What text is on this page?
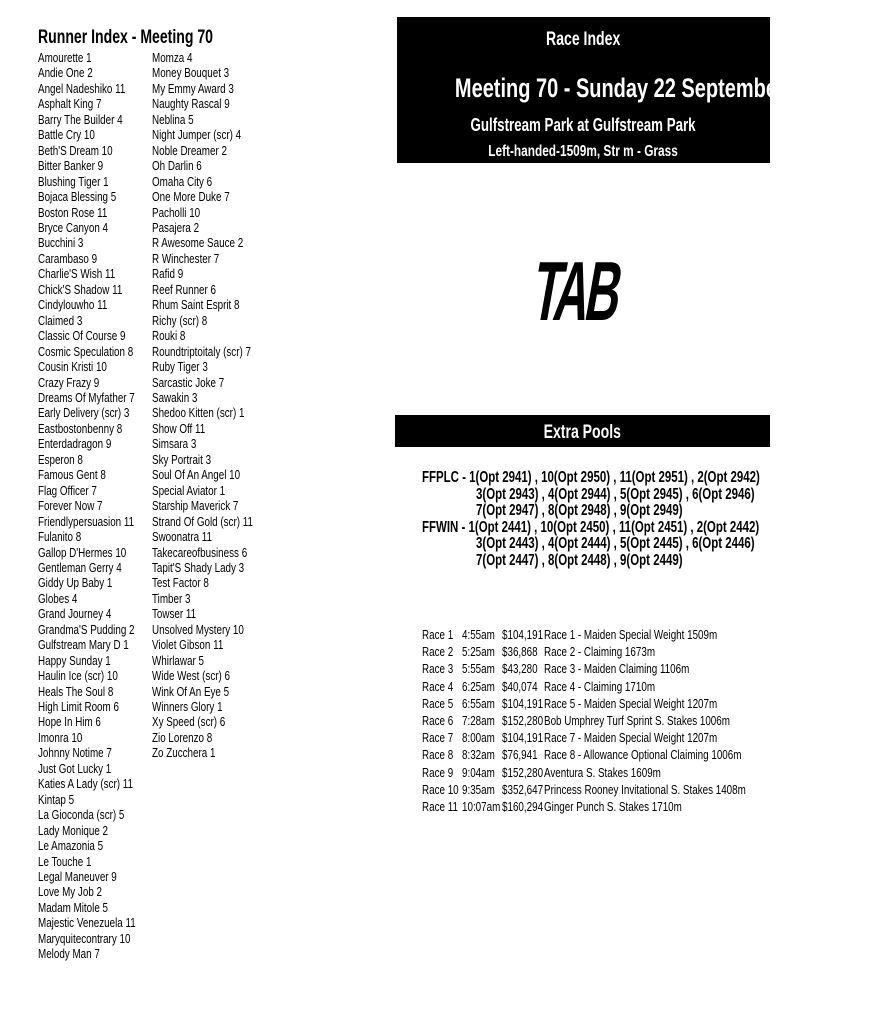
Runner Index - Meeting 70
Amourette 1
Andie One 2
Angel Nadeshiko 11
Asphalt King 7
Barry The Builder 4
Battle Cry 10
Beth'S Dream 10
Bitter Banker 9
Blushing Tiger 1
Bojaca Blessing 5
Boston Rose 11
Bryce Canyon 4
Bucchini 3
Carambaso 9
Charlie'S Wish 11
Chick'S Shadow 11
Cindylouwho 11
Claimed 3
Classic Of Course 9
Cosmic Speculation 8
Cousin Kristi 10
Crazy Frazy 9
Dreams Of Myfather 7
Early Delivery (scr) 3
Eastbostonbenny 8
Enterdadragon 9
Esperon 8
Famous Gent 8
Flag Officer 7
Forever Now 7
Friendlypersuasion 11
Fulanito 8
Gallop D'Hermes 10
Gentleman Gerry 4
Giddy Up Baby 1
Globes 4
Grand Journey 4
Grandma'S Pudding 2
Gulfstream Mary D 1
Happy Sunday 1
Haulin Ice (scr) 10
Heals The Soul 8
High Limit Room 6
Hope In Him 6
Imonra 10
Johnny Notime 7
Just Got Lucky 1
Katies A Lady (scr) 11
Kintap 5
La Gioconda (scr) 5
Lady Monique 2
Le Amazonia 5
Le Touche 1
Legal Maneuver 9
Love My Job 2
Madam Mitole 5
Majestic Venezuela 11
Maryquitecontrary 10
Melody Man 7
Momza 4
Money Bouquet 3
My Emmy Award 3
Naughty Rascal 9
Neblina 5
Night Jumper (scr) 4
Noble Dreamer 2
Oh Darlin 6
Omaha City 6
One More Duke 7
Pacholli 10
Pasajera 2
R Awesome Sauce 2
R Winchester 7
Rafid 9
Reef Runner 6
Rhum Saint Esprit 8
Richy (scr) 8
Rouki 8
Roundtriptoitaly (scr) 7
Ruby Tiger 3
Sarcastic Joke 7
Sawakin 3
Shedoo Kitten (scr) 1
Show Off 11
Simsara 3
Sky Portrait 3
Soul Of An Angel 10
Special Aviator 1
Starship Maverick 7
Strand Of Gold (scr) 11
Swoonatra 11
Takecareofbusiness 6
Tapit'S Shady Lady 3
Test Factor 8
Timber 3
Towser 11
Unsolved Mystery 10
Violet Gibson 11
Whirlawar 5
Wide West (scr) 6
Wink Of An Eye 5
Winners Glory 1
Xy Speed (scr) 6
Zio Lorenzo 8
Zo Zucchera 1
Race Index
Meeting 70 - Sunday 22 September
Gulfstream Park at Gulfstream Park
Left-handed-1509m, Str m - Grass
TAB
Extra Pools
FFPLC - 1(Opt 2941) , 10(Opt 2950) , 11(Opt 2951) , 2(Opt 2942)
3(Opt 2943) , 4(Opt 2944) , 5(Opt 2945) , 6(Opt 2946)
7(Opt 2947) , 8(Opt 2948) , 9(Opt 2949)
FFWIN - 1(Opt 2441) , 10(Opt 2450) , 11(Opt 2451) , 2(Opt 2442)
3(Opt 2443) , 4(Opt 2444) , 5(Opt 2445) , 6(Opt 2446)
7(Opt 2447) , 8(Opt 2448) , 9(Opt 2449)
Race 1 4:55am $104,191 Race 1 - Maiden Special Weight 1509m
Race 2 5:25am $36,868 Race 2 - Claiming 1673m
Race 3 5:55am $43,280 Race 3 - Maiden Claiming 1106m
Race 4 6:25am $40,074 Race 4 - Claiming 1710m
Race 5 6:55am $104,191 Race 5 - Maiden Special Weight 1207m
Race 6 7:28am $152,280 Bob Umphrey Turf Sprint S. Stakes 1006m
Race 7 8:00am $104,191 Race 7 - Maiden Special Weight 1207m
Race 8 8:32am $76,941 Race 8 - Allowance Optional Claiming 1006m
Race 9 9:04am $152,280 Aventura S. Stakes 1609m
Race 10 9:35am $352,647 Princess Rooney Invitational S. Stakes 1408m
Race 11 10:07am $160,294 Ginger Punch S. Stakes 1710m
